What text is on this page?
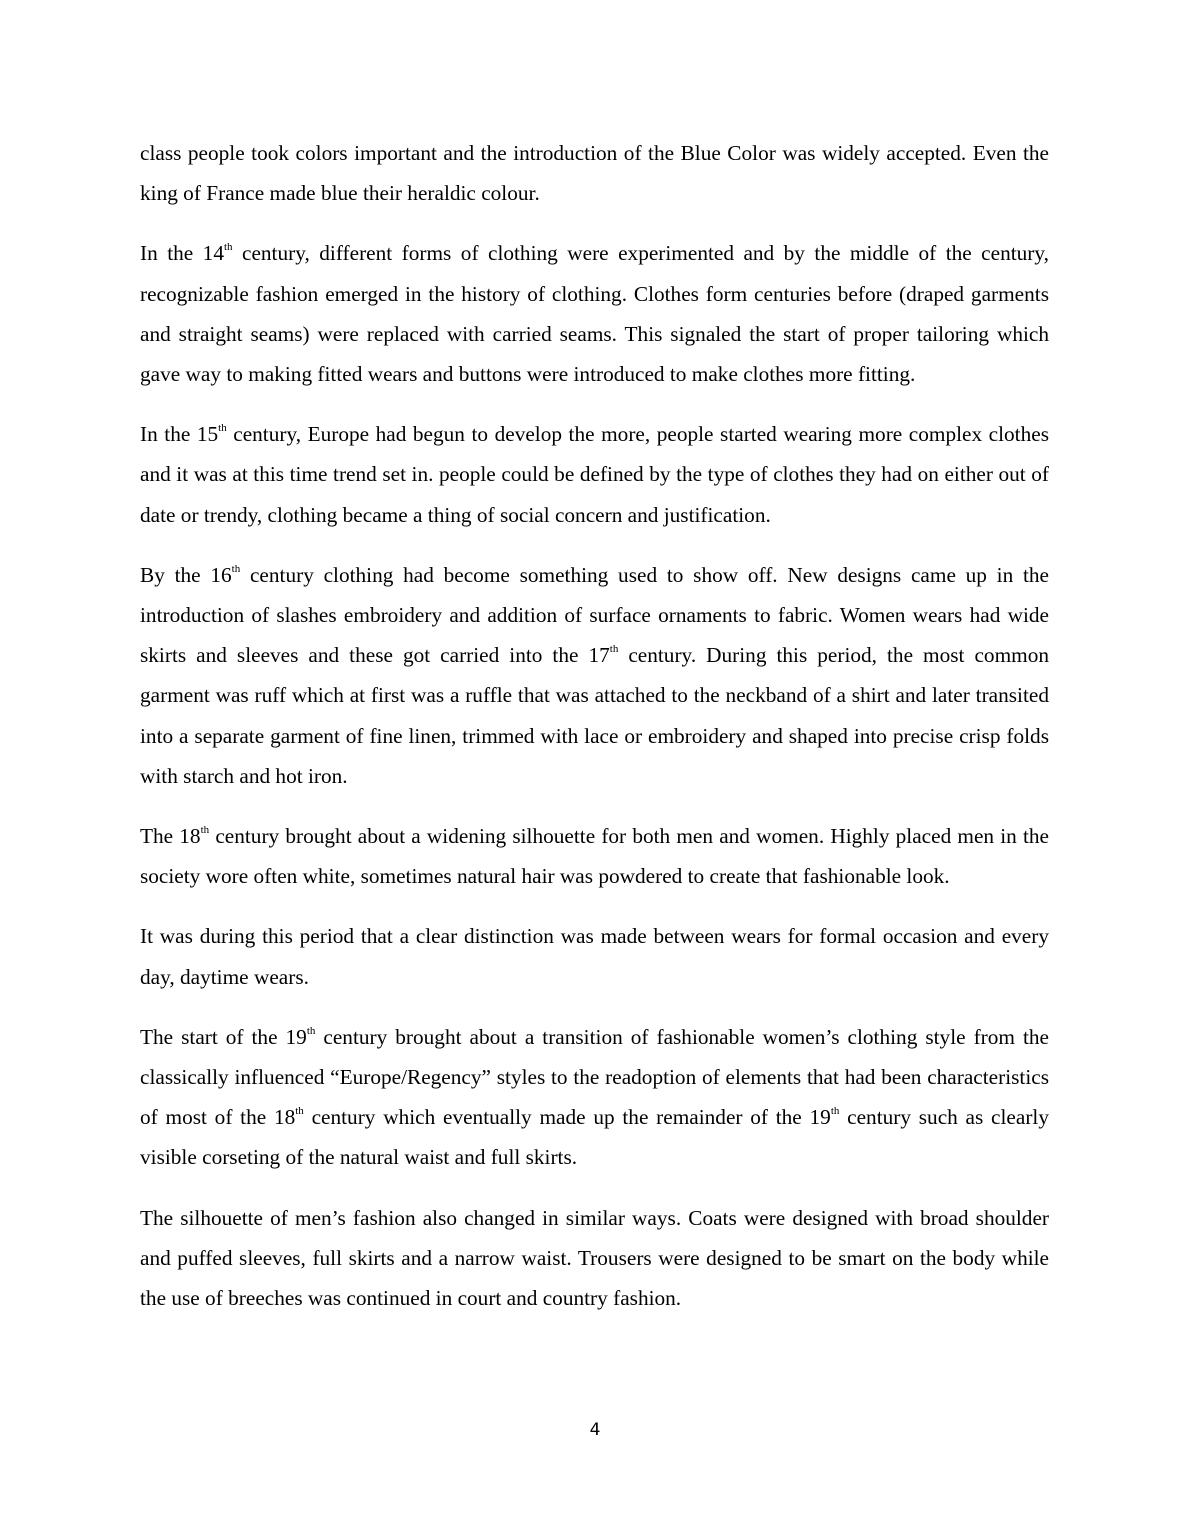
class people took colors important and the introduction of the Blue Color was widely accepted. Even the king of France made blue their heraldic colour.

In the 14th century, different forms of clothing were experimented and by the middle of the century, recognizable fashion emerged in the history of clothing. Clothes form centuries before (draped garments and straight seams) were replaced with carried seams. This signaled the start of proper tailoring which gave way to making fitted wears and buttons were introduced to make clothes more fitting.

In the 15th century, Europe had begun to develop the more, people started wearing more complex clothes and it was at this time trend set in. people could be defined by the type of clothes they had on either out of date or trendy, clothing became a thing of social concern and justification.

By the 16th century clothing had become something used to show off. New designs came up in the introduction of slashes embroidery and addition of surface ornaments to fabric. Women wears had wide skirts and sleeves and these got carried into the 17th century. During this period, the most common garment was ruff which at first was a ruffle that was attached to the neckband of a shirt and later transited into a separate garment of fine linen, trimmed with lace or embroidery and shaped into precise crisp folds with starch and hot iron.

The 18th century brought about a widening silhouette for both men and women. Highly placed men in the society wore often white, sometimes natural hair was powdered to create that fashionable look.

It was during this period that a clear distinction was made between wears for formal occasion and every day, daytime wears.

The start of the 19th century brought about a transition of fashionable women’s clothing style from the classically influenced “Europe/Regency” styles to the readoption of elements that had been characteristics of most of the 18th century which eventually made up the remainder of the 19th century such as clearly visible corseting of the natural waist and full skirts.

The silhouette of men’s fashion also changed in similar ways. Coats were designed with broad shoulder and puffed sleeves, full skirts and a narrow waist. Trousers were designed to be smart on the body while the use of breeches was continued in court and country fashion.

4
